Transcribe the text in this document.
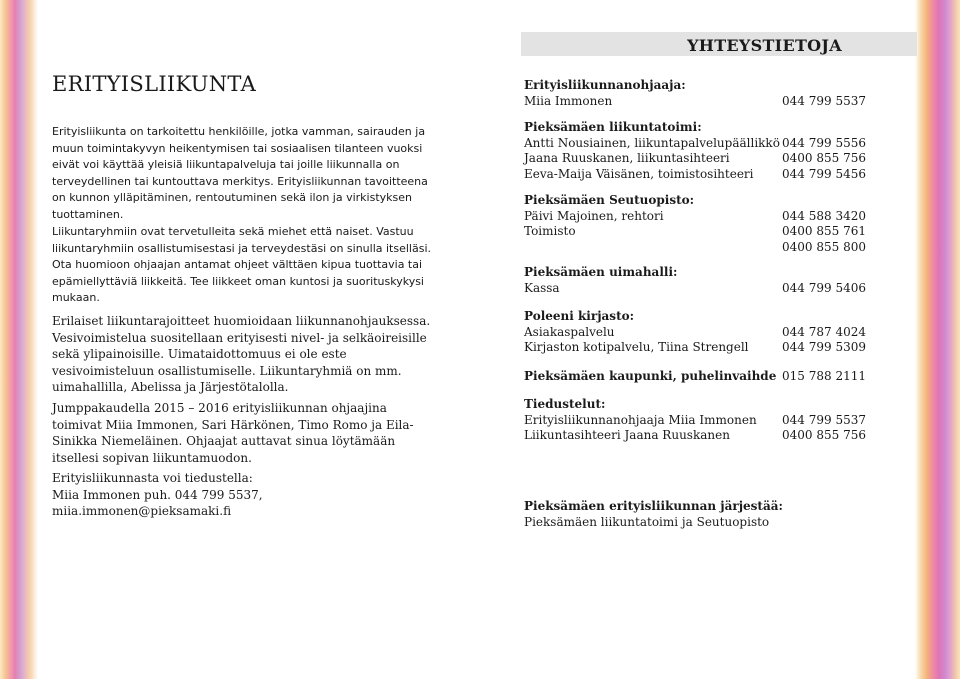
ERITYISLIIKUNTA

Erityisliikunta on tarkoitettu henkilöille, jotka vamman, sairauden ja muun toimintakyvyn heikentymisen tai sosiaalisen tilanteen vuoksi eivät voi käyttää yleisiä liikuntapalveluja tai joille liikunnalla on terveydellinen tai kuntouttava merkitys. Erityisliikunnan tavoitteena on kunnon ylläpitäminen, rentoutuminen sekä ilon ja virkistyksen tuottaminen.

Liikuntaryhmiin ovat tervetulleita sekä miehet että naiset. Vastuu liikuntaryhmiin osallistumisestasi ja terveydestäsi on sinulla itselläsi. Ota huomioon ohjaajan antamat ohjeet välttäen kipua tuottavia tai epämiellyttäviä liikkeitä. Tee liikkeet oman kuntosi ja suorituskykysi mukaan.

Erilaiset liikuntarajoitteet huomioidaan liikunnanohjauksessa. Vesivoimistelua suositellaan erityisesti nivel- ja selkäoireisille sekä ylipainoisille. Uimataidottomuus ei ole este vesivoimisteluun osallistumiselle. Liikuntaryhmiä on mm. uimahallilla, Abelissa ja Järjestötalolla.

Jumppakaudella 2015 – 2016 erityisliikunnan ohjaajina toimivat Miia Immonen, Sari Härkönen, Timo Romo ja Eila-Sinikka Niemeläinen. Ohjaajat auttavat sinua löytämään itsellesi sopivan liikuntamuodon.

Erityisliikunnasta voi tiedustella:
Miia Immonen puh. 044 799 5537,
miia.immonen@pieksamaki.fi

YHTEYSTIETOJA
Erityisliikunnanohjaaja:
Miia Immonen	044 799 5537
Pieksämäen liikuntatoimi:
Antti Nousiainen, liikuntapalvelupäällikkö 044 799 5556
Jaana Ruuskanen, liikuntasihteeri	0400 855 756
Eeva-Maija Väisänen, toimistosihteeri 044 799 5456
Pieksämäen Seutuopisto:
Päivi Majoinen, rehtori	044 588 3420
Toimisto	0400 855 761
0400 855 800
Pieksämäen uimahalli:
Kassa	044 799 5406
Poleeni kirjasto:
Asiakaspalvelu	044 787 4024
Kirjaston kotipalvelu, Tiina Strengell	044 799 5309
Pieksämäen kaupunki, puhelinvaihde 015 788 2111
Tiedustelut:
Erityisliikunnanohjaaja Miia Immonen 044 799 5537
Liikuntasihteeri Jaana Ruuskanen	0400 855 756
Pieksämäen erityisliikunnan järjestää:
Pieksämäen liikuntatoimi ja Seutuopisto
